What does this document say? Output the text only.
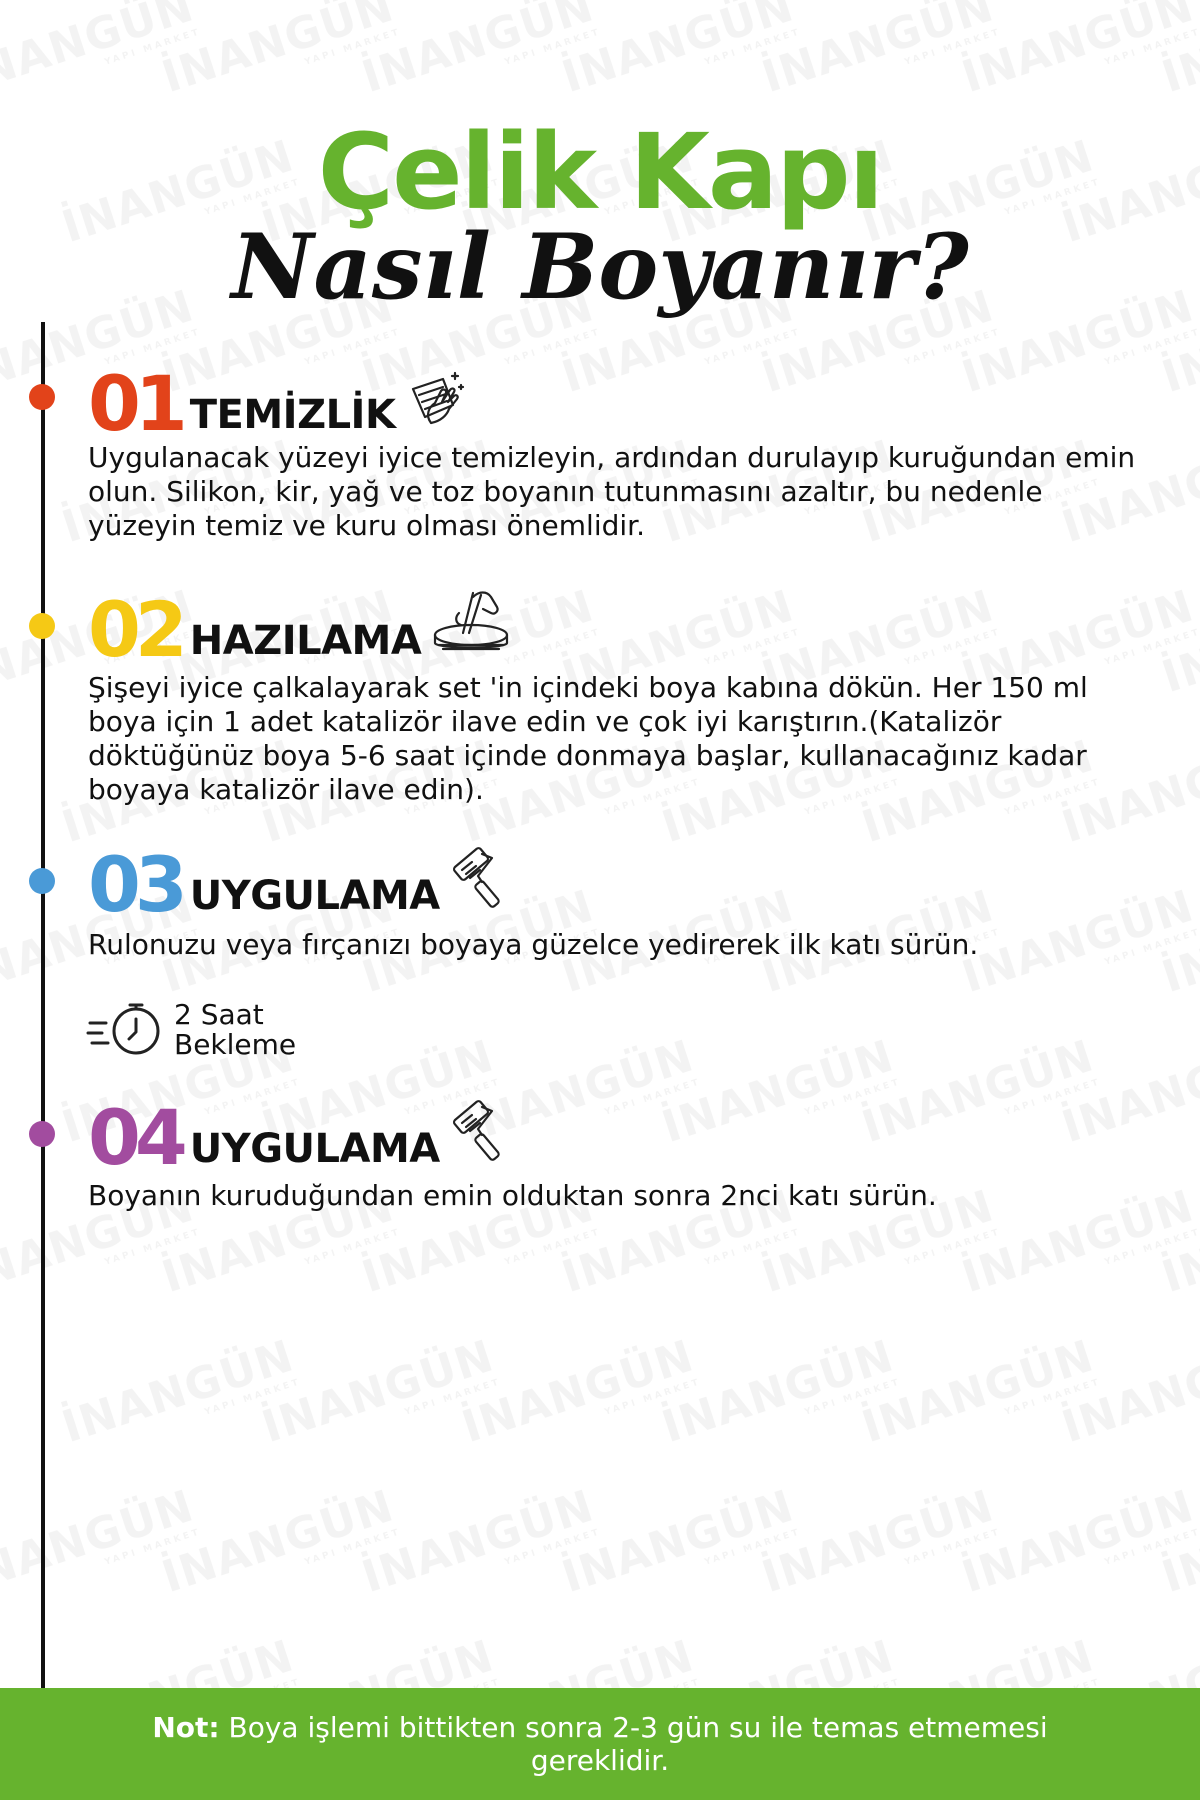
Çelik Kapı
Nasıl Boyanır?
01 TEMİZLİK
Uygulanacak yüzeyi iyice temizleyin, ardından durulayıp kuruğundan emin olun. Silikon, kir, yağ ve toz boyanın tutunmasını azaltır, bu nedenle yüzeyin temiz ve kuru olması önemlidir.
02 HAZILAMA
Şişeyi iyice çalkalayarak set 'in içindeki boya kabına dökün. Her 150 ml boya için 1 adet katalizör ilave edin ve çok iyi karıştırın.(Katalizör döktüğünüz boya 5-6 saat içinde donmaya başlar, kullanacağınız kadar boyaya katalizör ilave edin).
03 UYGULAMA
Rulonuzu veya fırçanızı boyaya güzelce yedirerek ilk katı sürün.
2 Saat
Bekleme
04 UYGULAMA
Boyanın kuruduğundan emin olduktan sonra 2nci katı sürün.
Not: Boya işlemi bittikten sonra 2-3 gün su ile temas etmemesi gereklidir.
